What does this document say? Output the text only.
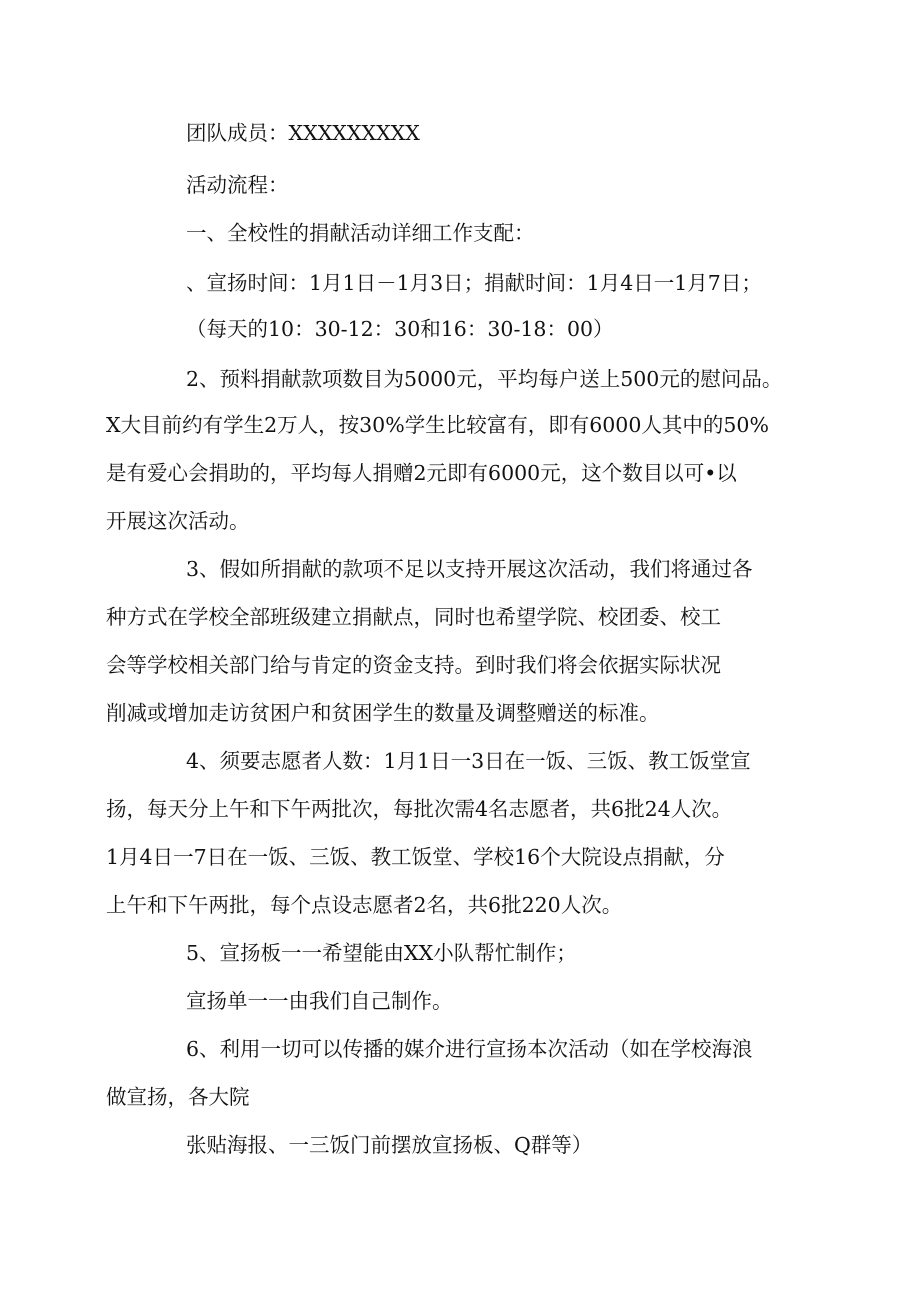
团队成员：XXXXXXXXX

活动流程：

一、全校性的捐献活动详细工作支配：

、宣扬时间：1月1日－1月3日；捐献时间：1月4日一1月7日；

（每天的10：30-12：30和16：30-18：00）

2、预料捐献款项数目为5000元，平均每户送上500元的慰问品。

X大目前约有学生2万人，按30%学生比较富有，即有6000人其中的50%

是有爱心会捐助的，平均每人捐赠2元即有6000元，这个数目以可•以

开展这次活动。

3、假如所捐献的款项不足以支持开展这次活动，我们将通过各

种方式在学校全部班级建立捐献点，同时也希望学院、校团委、校工

会等学校相关部门给与肯定的资金支持。到时我们将会依据实际状况

削减或增加走访贫困户和贫困学生的数量及调整赠送的标准。

4、须要志愿者人数：1月1日一3日在一饭、三饭、教工饭堂宣

扬，每天分上午和下午两批次，每批次需4名志愿者，共6批24人次。

1月4日一7日在一饭、三饭、教工饭堂、学校16个大院设点捐献，分

上午和下午两批，每个点设志愿者2名，共6批220人次。

5、宣扬板一一希望能由XX小队帮忙制作；

宣扬单一一由我们自己制作。

6、利用一切可以传播的媒介进行宣扬本次活动（如在学校海浪

做宣扬，各大院

张贴海报、一三饭门前摆放宣扬板、Q群等）
